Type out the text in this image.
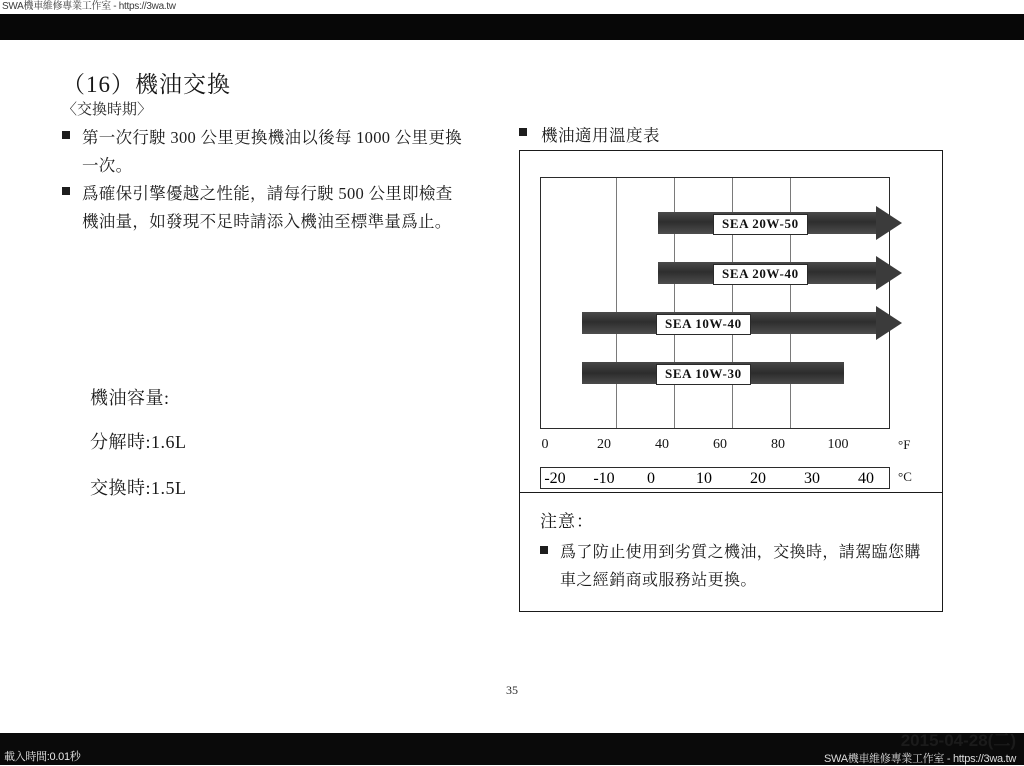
SWA機車維修專業工作室 - https://3wa.tw
（16）機油交換
〈交換時期〉
第一次行駛 300 公里更換機油以後每 1000 公里更換一次。
爲確保引擎優越之性能，請每行駛 500 公里即檢查機油量，如發現不足時請添入機油至標準量爲止。
機油容量:
分解時:1.6L
交換時:1.5L
機油適用溫度表
SEA 20W-50
SEA 20W-40
SEA 10W-40
SEA 10W-30
0	20	40	60	80	100	°F
-20 -10 0	10 20 30 40 °C
注意：
爲了防止使用到劣質之機油，交換時，請駕臨您購車之經銷商或服務站更換。
35
2015-04-28(二)
載入時間:0.01秒	SWA機車維修專業工作室 - https://3wa.tw
